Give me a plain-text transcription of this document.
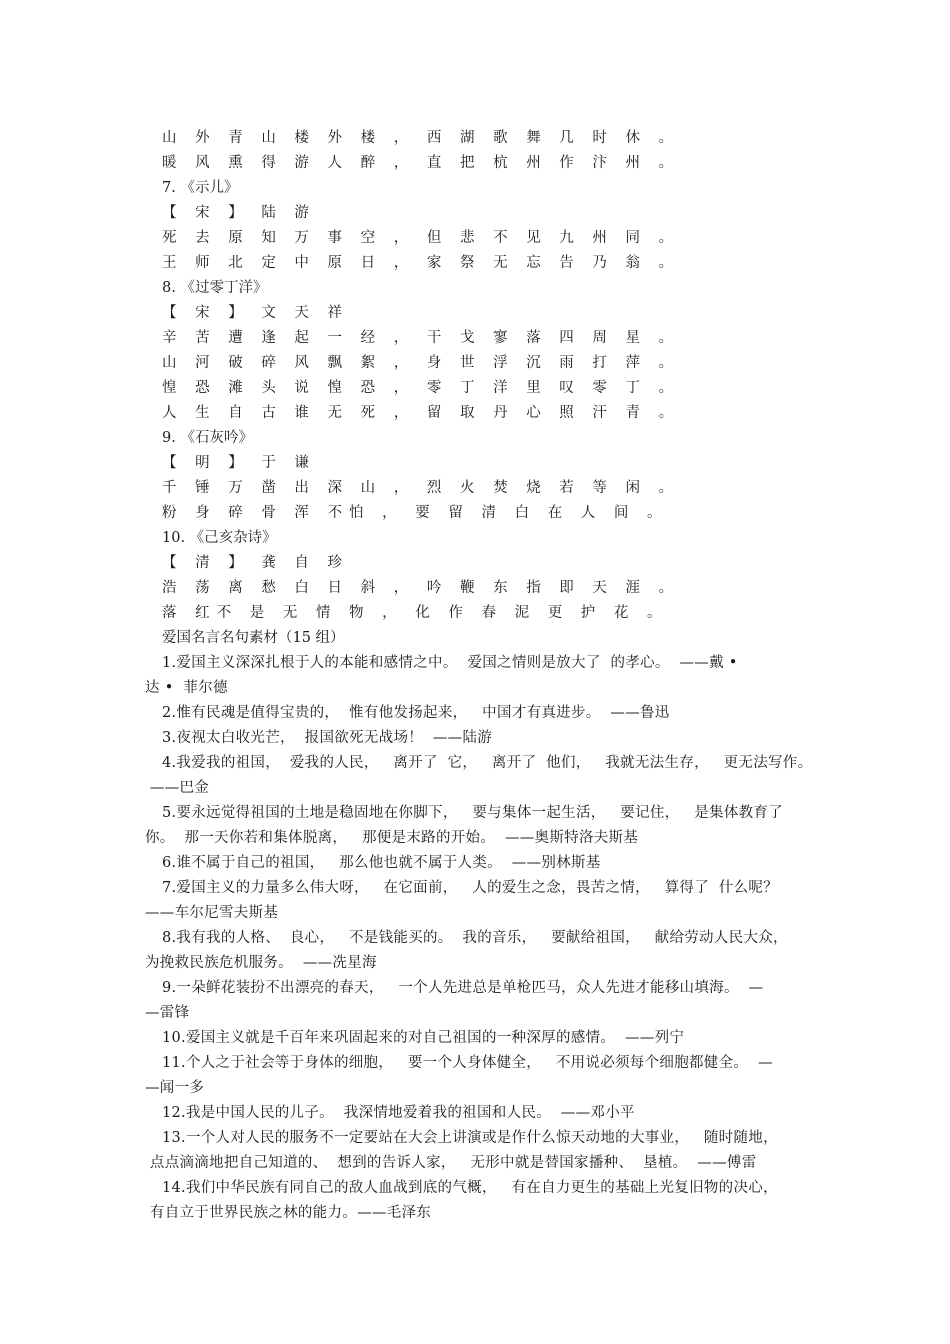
山 外 青 山 楼 外 楼 ， 西 湖 歌 舞 几 时 休 。
暖 风 熏 得 游 人 醉 ， 直 把 杭 州 作 汴 州 。
7. 《示儿》
【 宋 】 陆 游
死 去 原 知 万 事 空 ， 但 悲 不 见 九 州 同 。
王 师 北 定 中 原 日 ， 家 祭 无 忘 告 乃 翁 。
8. 《过零丁洋》
【 宋 】 文 天 祥
辛 苦 遭 逢 起 一 经 ， 干 戈 寥 落 四 周 星 。
山 河 破 碎 风 飘 絮 ， 身 世 浮 沉 雨 打 萍 。
惶 恐 滩 头 说 惶 恐 ， 零 丁 洋 里 叹 零 丁 。
人 生 自 古 谁 无 死 ， 留 取 丹 心 照 汗 青 。
9. 《石灰吟》
【 明 】 于 谦
千 锤 万 凿 出 深 山 ， 烈 火 焚 烧 若 等 闲 。
粉 身 碎 骨 浑 不怕 ， 要 留 清 白 在 人 间 。
10. 《己亥杂诗》
【 清 】 龚 自 珍
浩 荡 离 愁 白 日 斜 ， 吟 鞭 东 指 即 天 涯 。
落 红不 是 无 情 物 ， 化 作 春 泥 更 护 花 。
爱国名言名句素材（15 组）
1.爱国主义深深扎根于人的本能和感情之中。  爱国之情则是放大了  的孝心。  ——戴 •
达 •  菲尔德
2.惟有民魂是值得宝贵的，  惟有他发扬起来，   中国才有真进步。  ——鲁迅
3.夜视太白收光芒，  报国欲死无战场！  ——陆游
4.我爱我的祖国，  爱我的人民，   离开了  它，   离开了  他们，   我就无法生存，   更无法写作。
——巴金
5.要永远觉得祖国的土地是稳固地在你脚下，   要与集体一起生活，   要记住，   是集体教育了
你。  那一天你若和集体脱离，   那便是末路的开始。  ——奥斯特洛夫斯基
6.谁不属于自己的祖国，   那么他也就不属于人类。  ——别林斯基
7.爱国主义的力量多么伟大呀，   在它面前，   人的爱生之念，畏苦之情，   算得了  什么呢？
——车尔尼雪夫斯基
8.我有我的人格、  良心，   不是钱能买的。  我的音乐，   要献给祖国，   献给劳动人民大众，
为挽救民族危机服务。  ——冼星海
9.一朵鲜花装扮不出漂亮的春天，   一个人先进总是单枪匹马，众人先进才能移山填海。  —
—雷锋
10.爱国主义就是千百年来巩固起来的对自己祖国的一种深厚的感情。  ——列宁
11.个人之于社会等于身体的细胞，   要一个人身体健全，   不用说必须每个细胞都健全。  —
—闻一多
12.我是中国人民的儿子。  我深情地爱着我的祖国和人民。  ——邓小平
13.一个人对人民的服务不一定要站在大会上讲演或是作什么惊天动地的大事业，   随时随地，
点点滴滴地把自己知道的、  想到的告诉人家，   无形中就是替国家播种、  垦植。  ——傅雷
14.我们中华民族有同自己的敌人血战到底的气概，   有在自力更生的基础上光复旧物的决心，
有自立于世界民族之林的能力。——毛泽东
